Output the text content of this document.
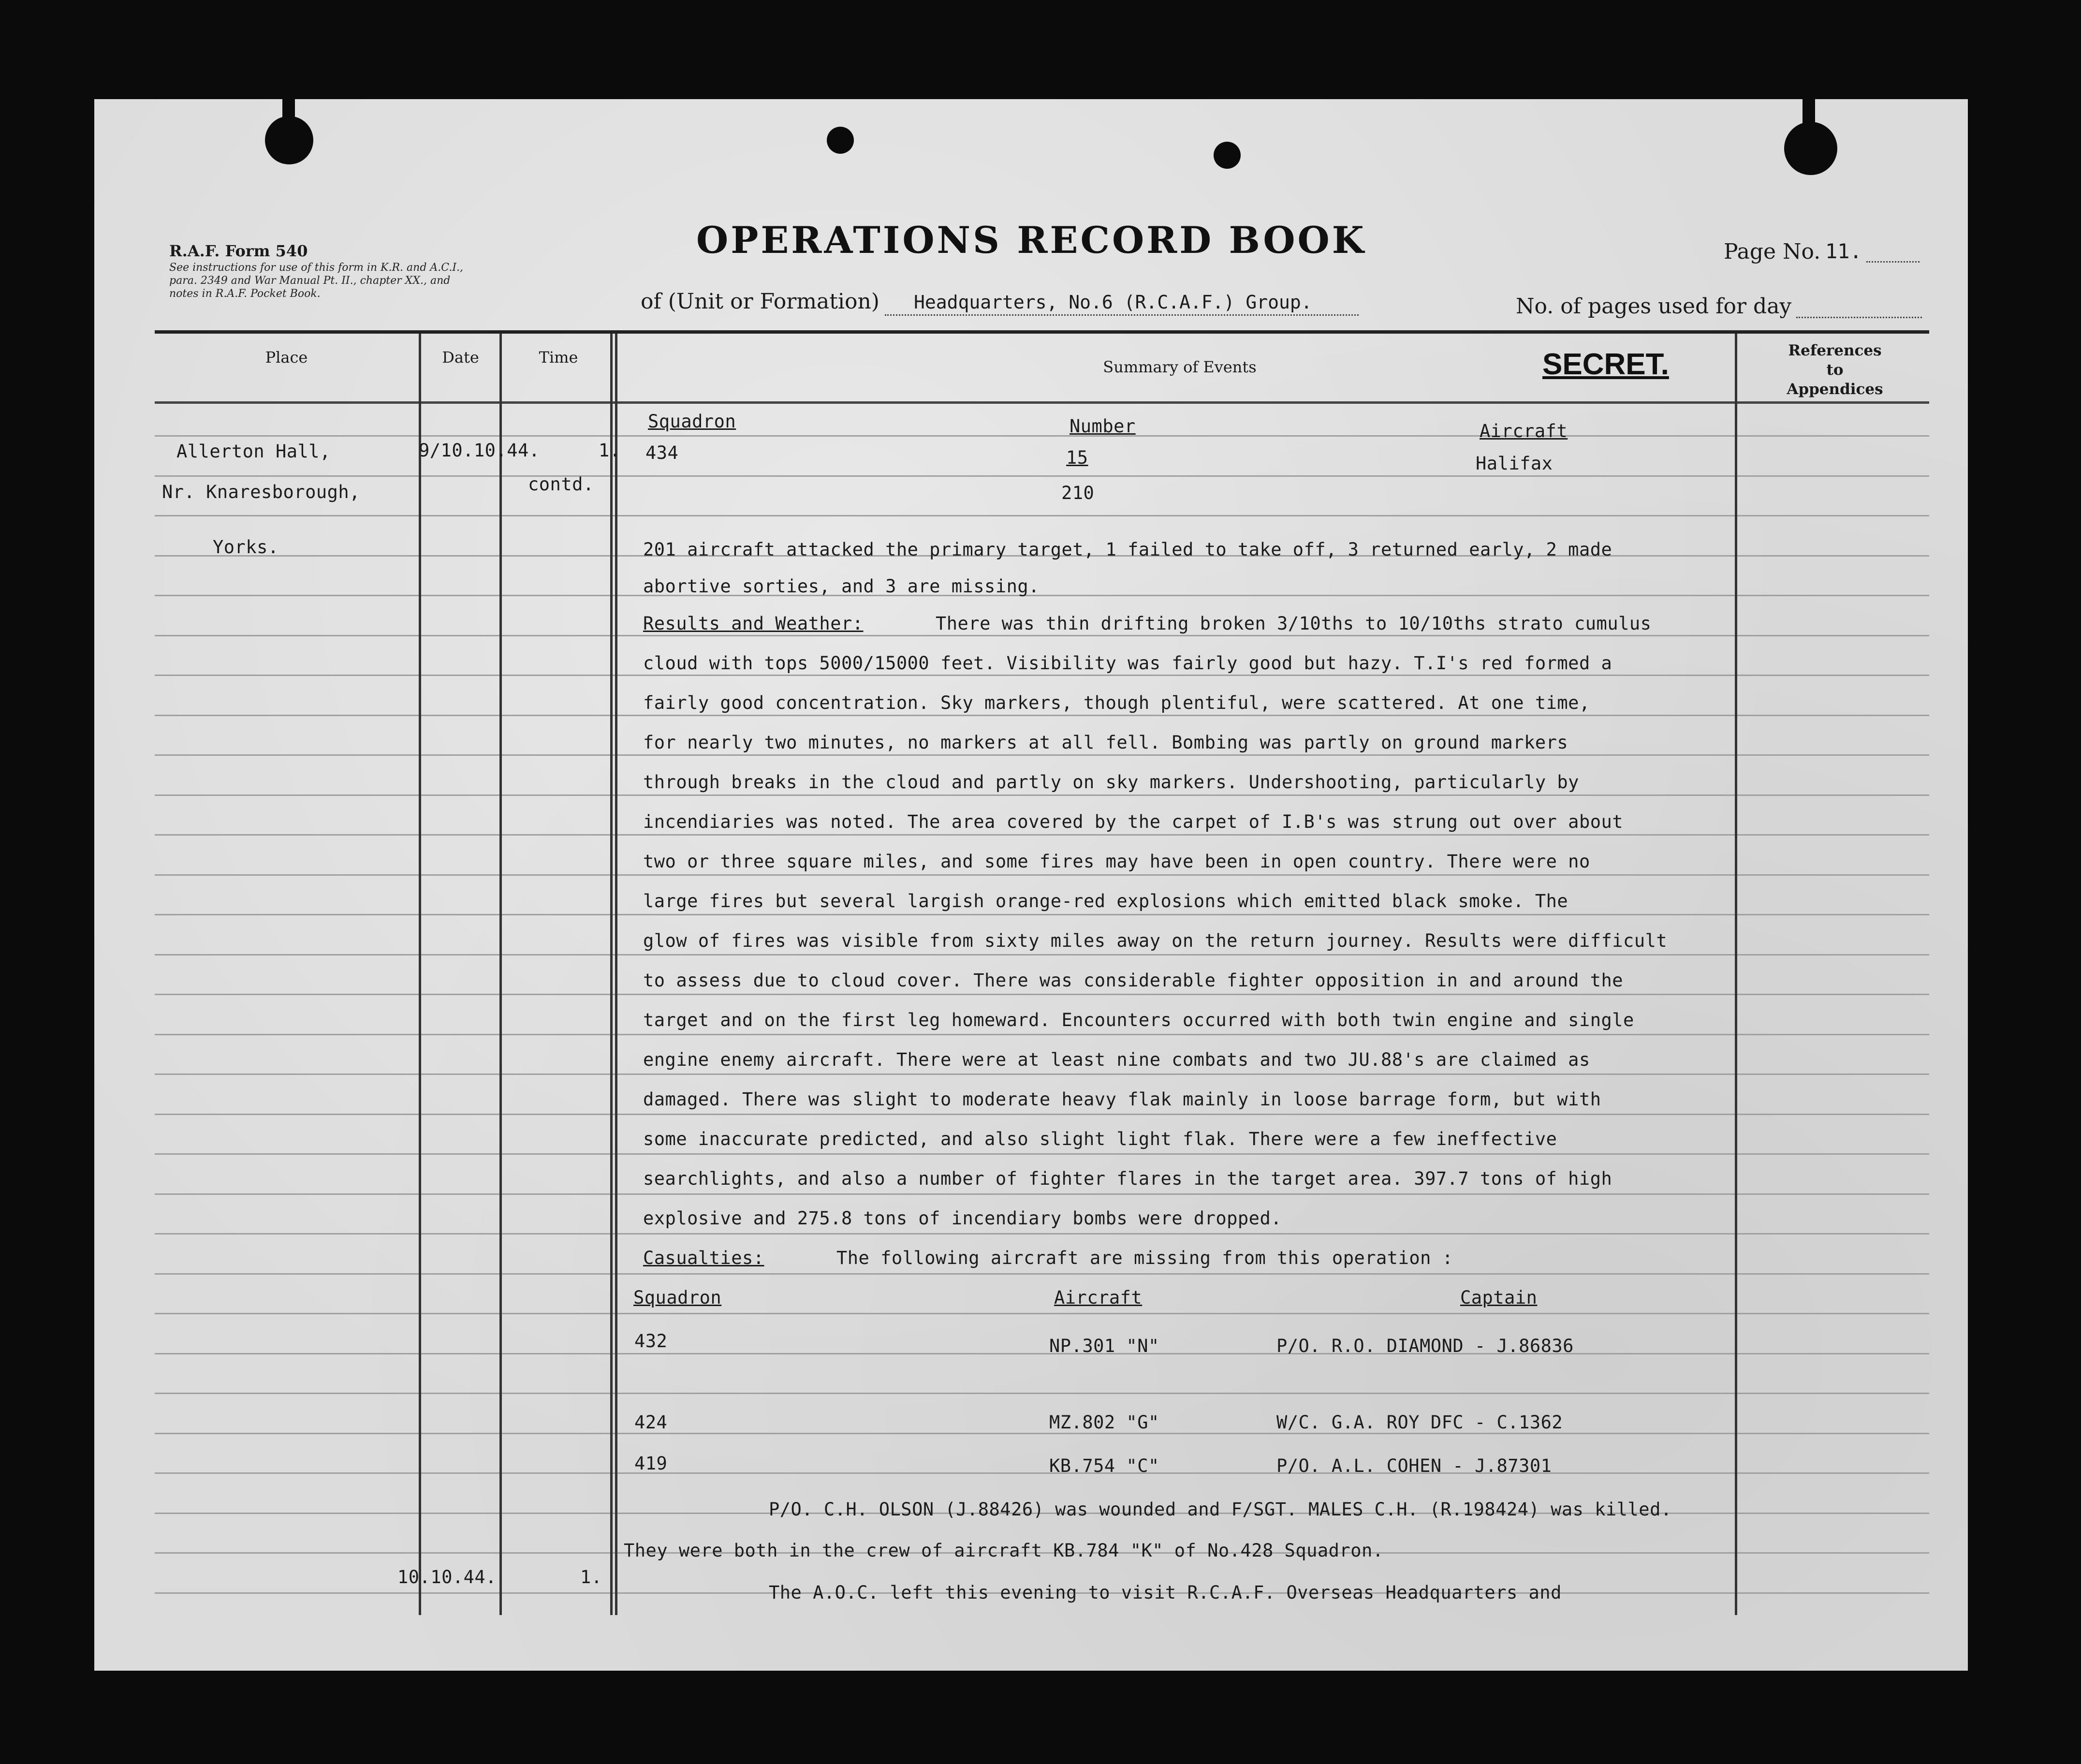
R.A.F. Form 540
See instructions for use of this form in K.R. and A.C.I.,
para. 2349 and War Manual Pt. II., chapter XX., and
notes in R.A.F. Pocket Book.
OPERATIONS RECORD BOOK	Page No. 11.
of (Unit or Formation) Headquarters, No.6 (R.C.A.F.) Group.	No. of pages used for day
Place	Date	Time
Summary of Events	SECRET.	References
to
Appendices
Allerton Hall,
Nr. Knaresborough,
Yorks.
9/10.10.44.	1.
contd.
Squadron	Number	Aircraft
434	15	Halifax
210
201 aircraft attacked the primary target, 1 failed to take off, 3 returned early, 2 made
abortive sorties, and 3 are missing.
Results and Weather:	There was thin drifting broken 3/10ths to 10/10ths strato cumulus
cloud with tops 5000/15000 feet. Visibility was fairly good but hazy. T.I's red formed a
fairly good concentration. Sky markers, though plentiful, were scattered. At one time,
for nearly two minutes, no markers at all fell. Bombing was partly on ground markers
through breaks in the cloud and partly on sky markers. Undershooting, particularly by
incendiaries was noted. The area covered by the carpet of I.B's was strung out over about
two or three square miles, and some fires may have been in open country. There were no
large fires but several largish orange-red explosions which emitted black smoke. The
glow of fires was visible from sixty miles away on the return journey. Results were difficult
to assess due to cloud cover. There was considerable fighter opposition in and around the
target and on the first leg homeward. Encounters occurred with both twin engine and single
engine enemy aircraft. There were at least nine combats and two JU.88's are claimed as
damaged. There was slight to moderate heavy flak mainly in loose barrage form, but with
some inaccurate predicted, and also slight light flak. There were a few ineffective
searchlights, and also a number of fighter flares in the target area. 397.7 tons of high
explosive and 275.8 tons of incendiary bombs were dropped.
Casualties:	The following aircraft are missing from this operation :
Squadron	Aircraft	Captain
432	NP.301 "N"	P/O. R.O. DIAMOND - J.86836
424	MZ.802 "G"	W/C. G.A. ROY DFC - C.1362
419	KB.754 "C"	P/O. A.L. COHEN - J.87301
P/O. C.H. OLSON (J.88426) was wounded and F/SGT. MALES C.H. (R.198424) was killed.
They were both in the crew of aircraft KB.784 "K" of No.428 Squadron.
10.10.44.	1.
The A.O.C. left this evening to visit R.C.A.F. Overseas Headquarters and
